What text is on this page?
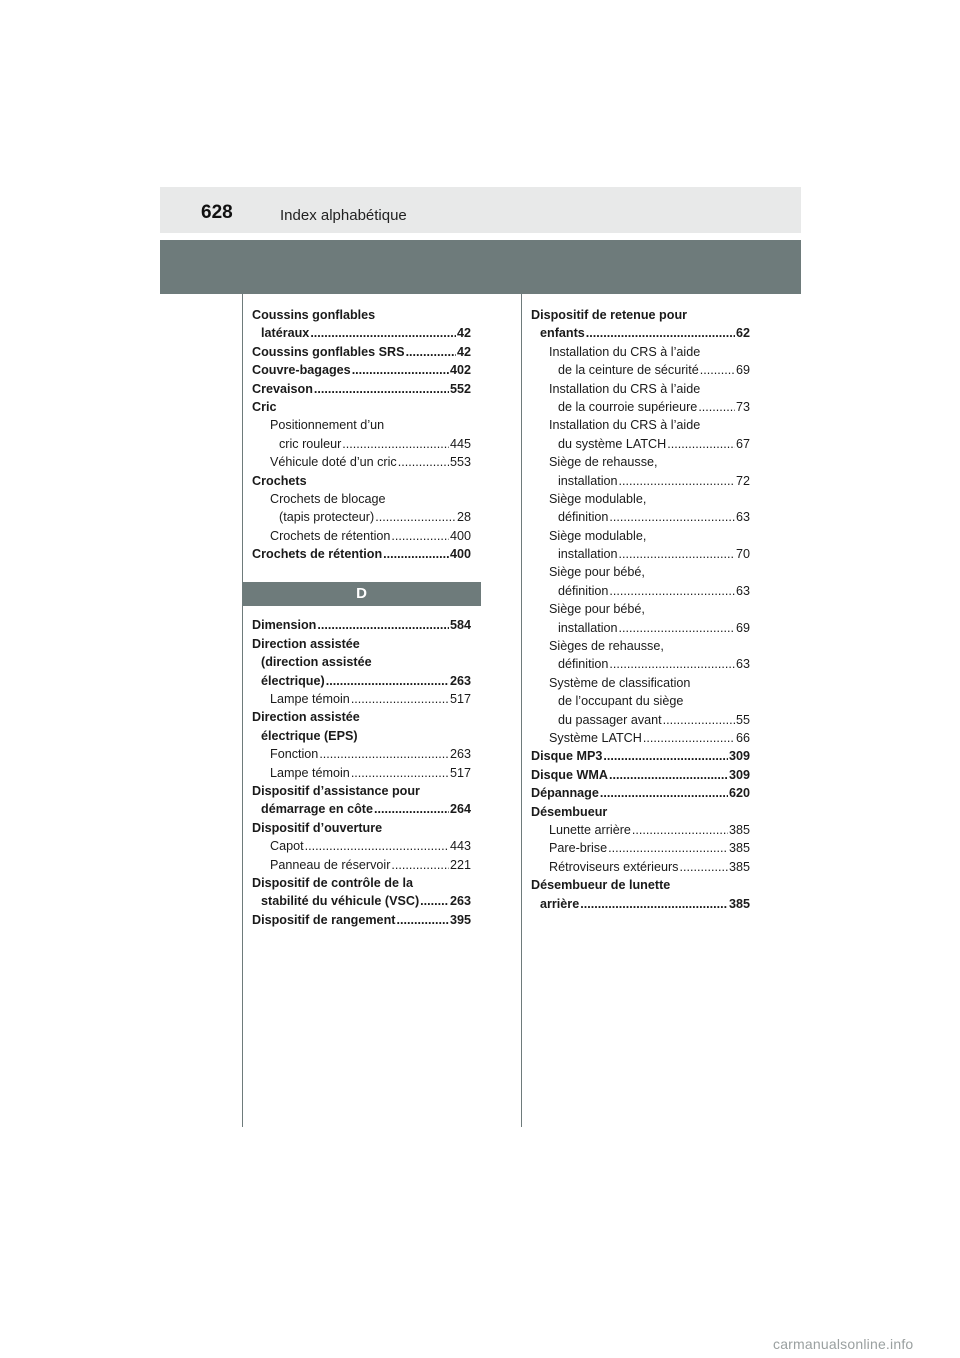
628	Index alphabétique
Coussins gonflables
latéraux .....	42
Coussins gonflables SRS .....	42
Couvre-bagages .....	402
Crevaison .....	552
Cric
Positionnement d’un
cric rouleur .....	445
Véhicule doté d’un cric .....	553
Crochets
Crochets de blocage
(tapis protecteur) .....	28
Crochets de rétention .....	400
Crochets de rétention .....	400
D
Dimension .....	584
Direction assistée
(direction assistée
électrique) .....	263
Lampe témoin .....	517
Direction assistée
électrique (EPS)
Fonction .....	263
Lampe témoin .....	517
Dispositif d’assistance pour
démarrage en côte .....	264
Dispositif d’ouverture
Capot .....	443
Panneau de réservoir .....	221
Dispositif de contrôle de la
stabilité du véhicule (VSC) ..... 263
Dispositif de rangement .....	395
Dispositif de retenue pour
enfants .....	62
Installation du CRS à l’aide
de la ceinture de sécurité .....	69
Installation du CRS à l’aide
de la courroie supérieure .....	73
Installation du CRS à l’aide
du système LATCH .....	67
Siège de rehausse,
installation .....	72
Siège modulable,
définition .....	63
Siège modulable,
installation .....	70
Siège pour bébé,
définition .....	63
Siège pour bébé,
installation .....	69
Sièges de rehausse,
définition .....	63
Système de classification
de l’occupant du siège
du passager avant .....	55
Système LATCH .....	66
Disque MP3 .....	309
Disque WMA .....	309
Dépannage .....	620
Désembueur
Lunette arrière .....	385
Pare-brise .....	385
Rétroviseurs extérieurs .....	385
Désembueur de lunette
arrière .....	385
carmanualsonline.info
